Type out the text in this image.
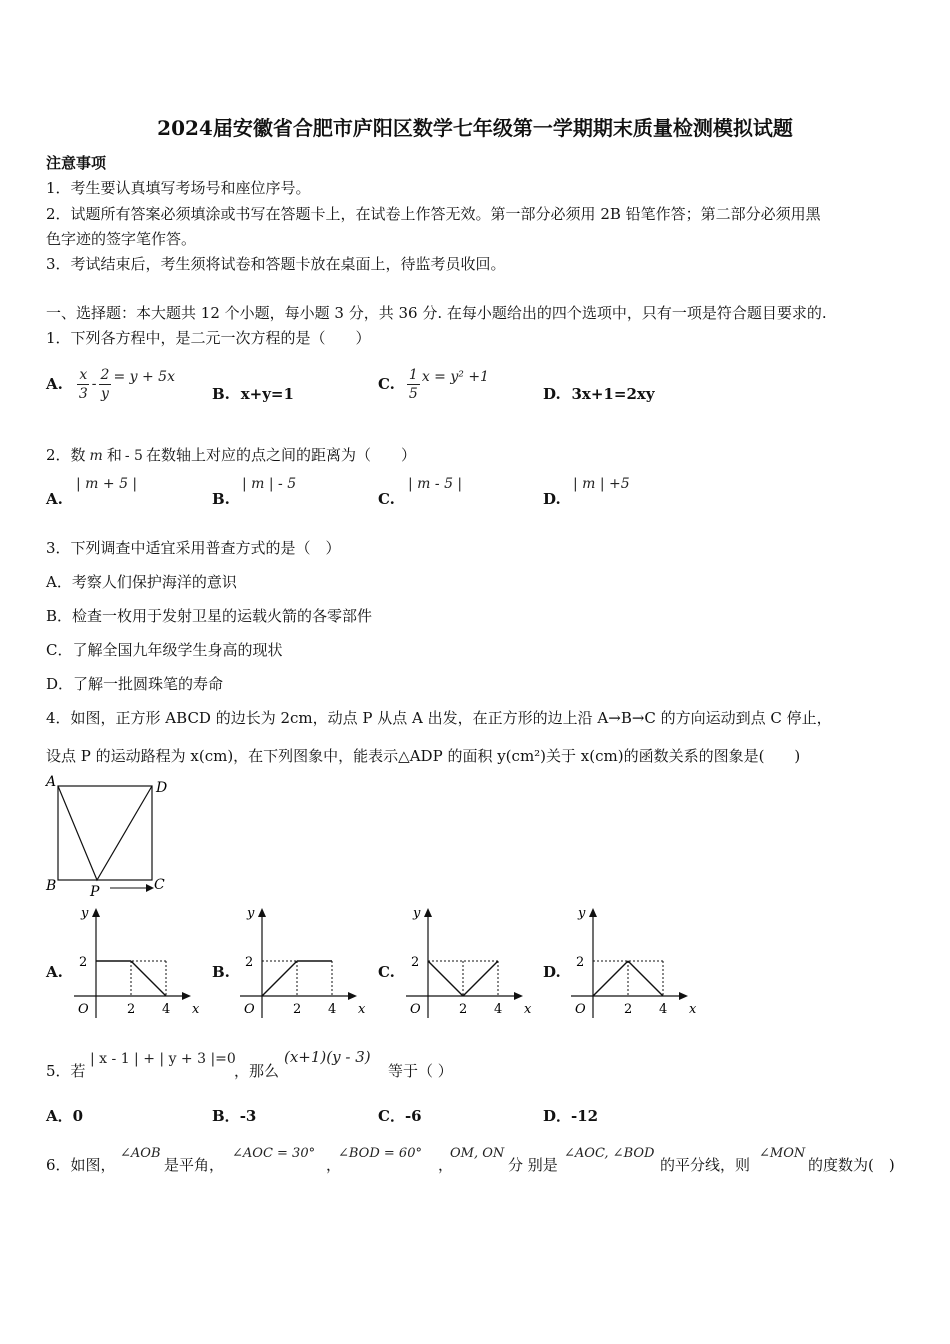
2024届安徽省合肥市庐阳区数学七年级第一学期期末质量检测模拟试题
注意事项
1．考生要认真填写考场号和座位序号。
2．试题所有答案必须填涂或书写在答题卡上，在试卷上作答无效。第一部分必须用 2B 铅笔作答；第二部分必须用黑
色字迹的签字笔作答。
3．考试结束后，考生须将试卷和答题卡放在桌面上，待监考员收回。
一、选择题：本大题共 12 个小题，每小题 3 分，共 36 分. 在每小题给出的四个选项中，只有一项是符合题目要求的.
1．下列各方程中，是二元一次方程的是（　　）
A. $\frac{x}{3} - \frac{2}{y} = y + 5x$
B. x+y=1
C. $\frac{1}{5}$ x = y² +1
D. 3x+1=2xy
2．数 m 和 - 5 在数轴上对应的点之间的距离为（　　）
A.
| m + 5 |
B.
| m | - 5
C.
| m - 5 |
D.
| m | +5
3．下列调查中适宜采用普查方式的是（　）
A．考察人们保护海洋的意识
B．检查一枚用于发射卫星的运载火箭的各零部件
C．了解全国九年级学生身高的现状
D．了解一批圆珠笔的寿命
4．如图，正方形 ABCD 的边长为 2cm，动点 P 从点 A 出发，在正方形的边上沿 A→B→C 的方向运动到点 C 停止，
设点 P 的运动路程为 x(cm)，在下列图象中，能表示△ADP 的面积 y(cm²)关于 x(cm)的函数关系的图象是(　　)
A	D
B	C
P
A.
y
x
O
2
2 4
B.
y
x
O
2
2 4
C.
y
x
O
2
2 4
D.
y
x
O
2
2 4
5．若
| x - 1 | + | y + 3 |=0
，那么
(x+1)(y - 3)
等于（ ）
A．0	B．-3	C．-6	D．-12
6．如图，
∠AOB
是平角，
∠AOC = 30°
，
∠BOD = 60°
，
OM, ON
分 别是
∠AOC, ∠BOD
的平分线，则
∠MON
的度数为(　)
